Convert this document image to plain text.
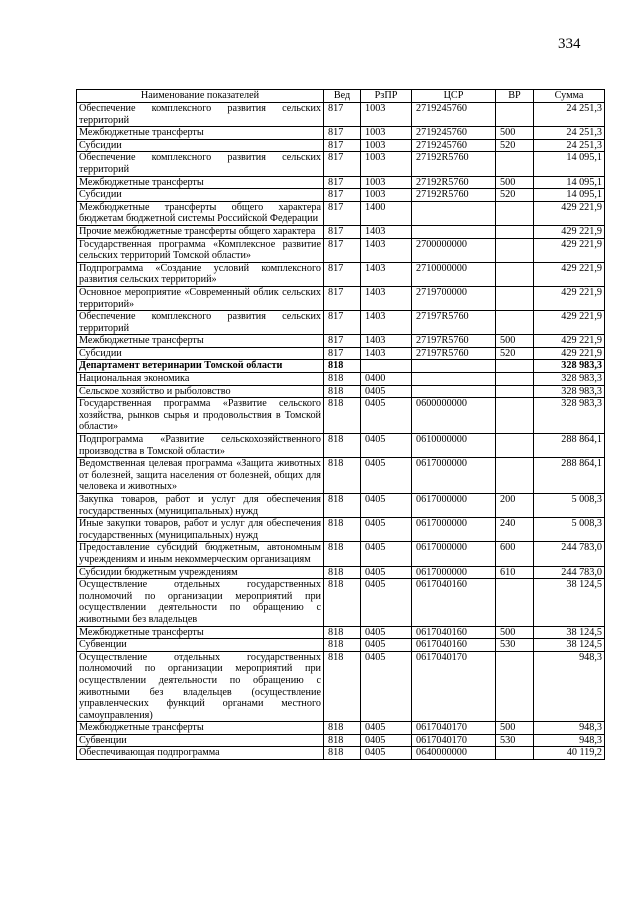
334
Наименование показателей	Вед	РзПР	ЦСР	ВР	Сумма
Обеспечение комплексного развития сельских территорий	817	1003	2719245760		24 251,3
Межбюджетные трансферты	817	1003	2719245760	500	24 251,3
Субсидии	817	1003	2719245760	520	24 251,3
Обеспечение комплексного развития сельских территорий	817	1003	27192R5760		14 095,1
Межбюджетные трансферты	817	1003	27192R5760	500	14 095,1
Субсидии	817	1003	27192R5760	520	14 095,1
Межбюджетные трансферты общего характера бюджетам бюджетной системы Российской Федерации	817	1400			429 221,9
Прочие межбюджетные трансферты общего характера	817	1403			429 221,9
Государственная программа «Комплексное развитие сельских территорий Томской области»	817	1403	2700000000		429 221,9
Подпрограмма «Создание условий комплексного развития сельских территорий»	817	1403	2710000000		429 221,9
Основное мероприятие «Современный облик сельских территорий»	817	1403	2719700000		429 221,9
Обеспечение комплексного развития сельских территорий	817	1403	27197R5760		429 221,9
Межбюджетные трансферты	817	1403	27197R5760	500	429 221,9
Субсидии	817	1403	27197R5760	520	429 221,9
Департамент ветеринарии Томской области	818				328 983,3
Национальная экономика	818	0400			328 983,3
Сельское хозяйство и рыболовство	818	0405			328 983,3
Государственная программа «Развитие сельского хозяйства, рынков сырья и продовольствия в Томской области»	818	0405	0600000000		328 983,3
Подпрограмма «Развитие сельскохозяйственного производства в Томской области»	818	0405	0610000000		288 864,1
Ведомственная целевая программа «Защита животных от болезней, защита населения от болезней, общих для человека и животных»	818	0405	0617000000		288 864,1
Закупка товаров, работ и услуг для обеспечения государственных (муниципальных) нужд	818	0405	0617000000	200	5 008,3
Иные закупки товаров, работ и услуг для обеспечения государственных (муниципальных) нужд	818	0405	0617000000	240	5 008,3
Предоставление субсидий бюджетным, автономным учреждениям и иным некоммерческим организациям	818	0405	0617000000	600	244 783,0
Субсидии бюджетным учреждениям	818	0405	0617000000	610	244 783,0
Осуществление отдельных государственных полномочий по организации мероприятий при осуществлении деятельности по обращению с животными без владельцев	818	0405	0617040160		38 124,5
Межбюджетные трансферты	818	0405	0617040160	500	38 124,5
Субвенции	818	0405	0617040160	530	38 124,5
Осуществление отдельных государственных полномочий по организации мероприятий при осуществлении деятельности по обращению с животными без владельцев (осуществление управленческих функций органами местного самоуправления)	818	0405	0617040170		948,3
Межбюджетные трансферты	818	0405	0617040170	500	948,3
Субвенции	818	0405	0617040170	530	948,3
Обеспечивающая подпрограмма	818	0405	0640000000		40 119,2
